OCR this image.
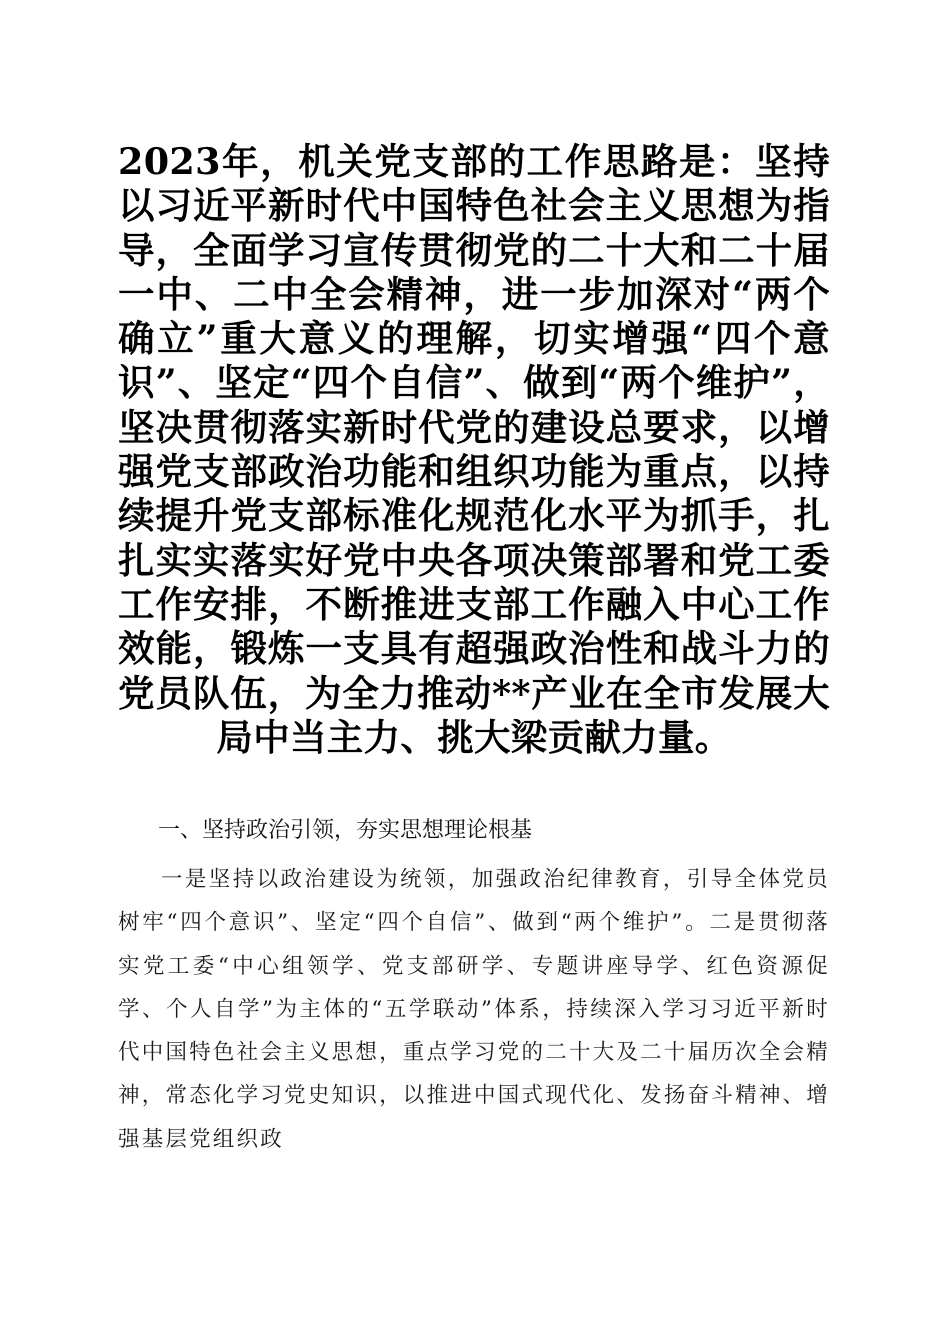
2023年，机关党支部的工作思路是：坚持以习近平新时代中国特色社会主义思想为指导，全面学习宣传贯彻党的二十大和二十届一中、二中全会精神，进一步加深对“两个确立”重大意义的理解，切实增强“四个意识”、坚定“四个自信”、做到“两个维护”，坚决贯彻落实新时代党的建设总要求，以增强党支部政治功能和组织功能为重点，以持续提升党支部标准化规范化水平为抓手，扎扎实实落实好党中央各项决策部署和党工委工作安排，不断推进支部工作融入中心工作效能，锻炼一支具有超强政治性和战斗力的党员队伍，为全力推动**产业在全市发展大局中当主力、挑大梁贡献力量。

一、坚持政治引领，夯实思想理论根基

一是坚持以政治建设为统领，加强政治纪律教育，引导全体党员树牢“四个意识”、坚定“四个自信”、做到“两个维护”。二是贯彻落实党工委“中心组领学、党支部研学、专题讲座导学、红色资源促学、个人自学”为主体的“五学联动”体系，持续深入学习习近平新时代中国特色社会主义思想，重点学习党的二十大及二十届历次全会精神，常态化学习党史知识，以推进中国式现代化、发扬奋斗精神、增强基层党组织政
